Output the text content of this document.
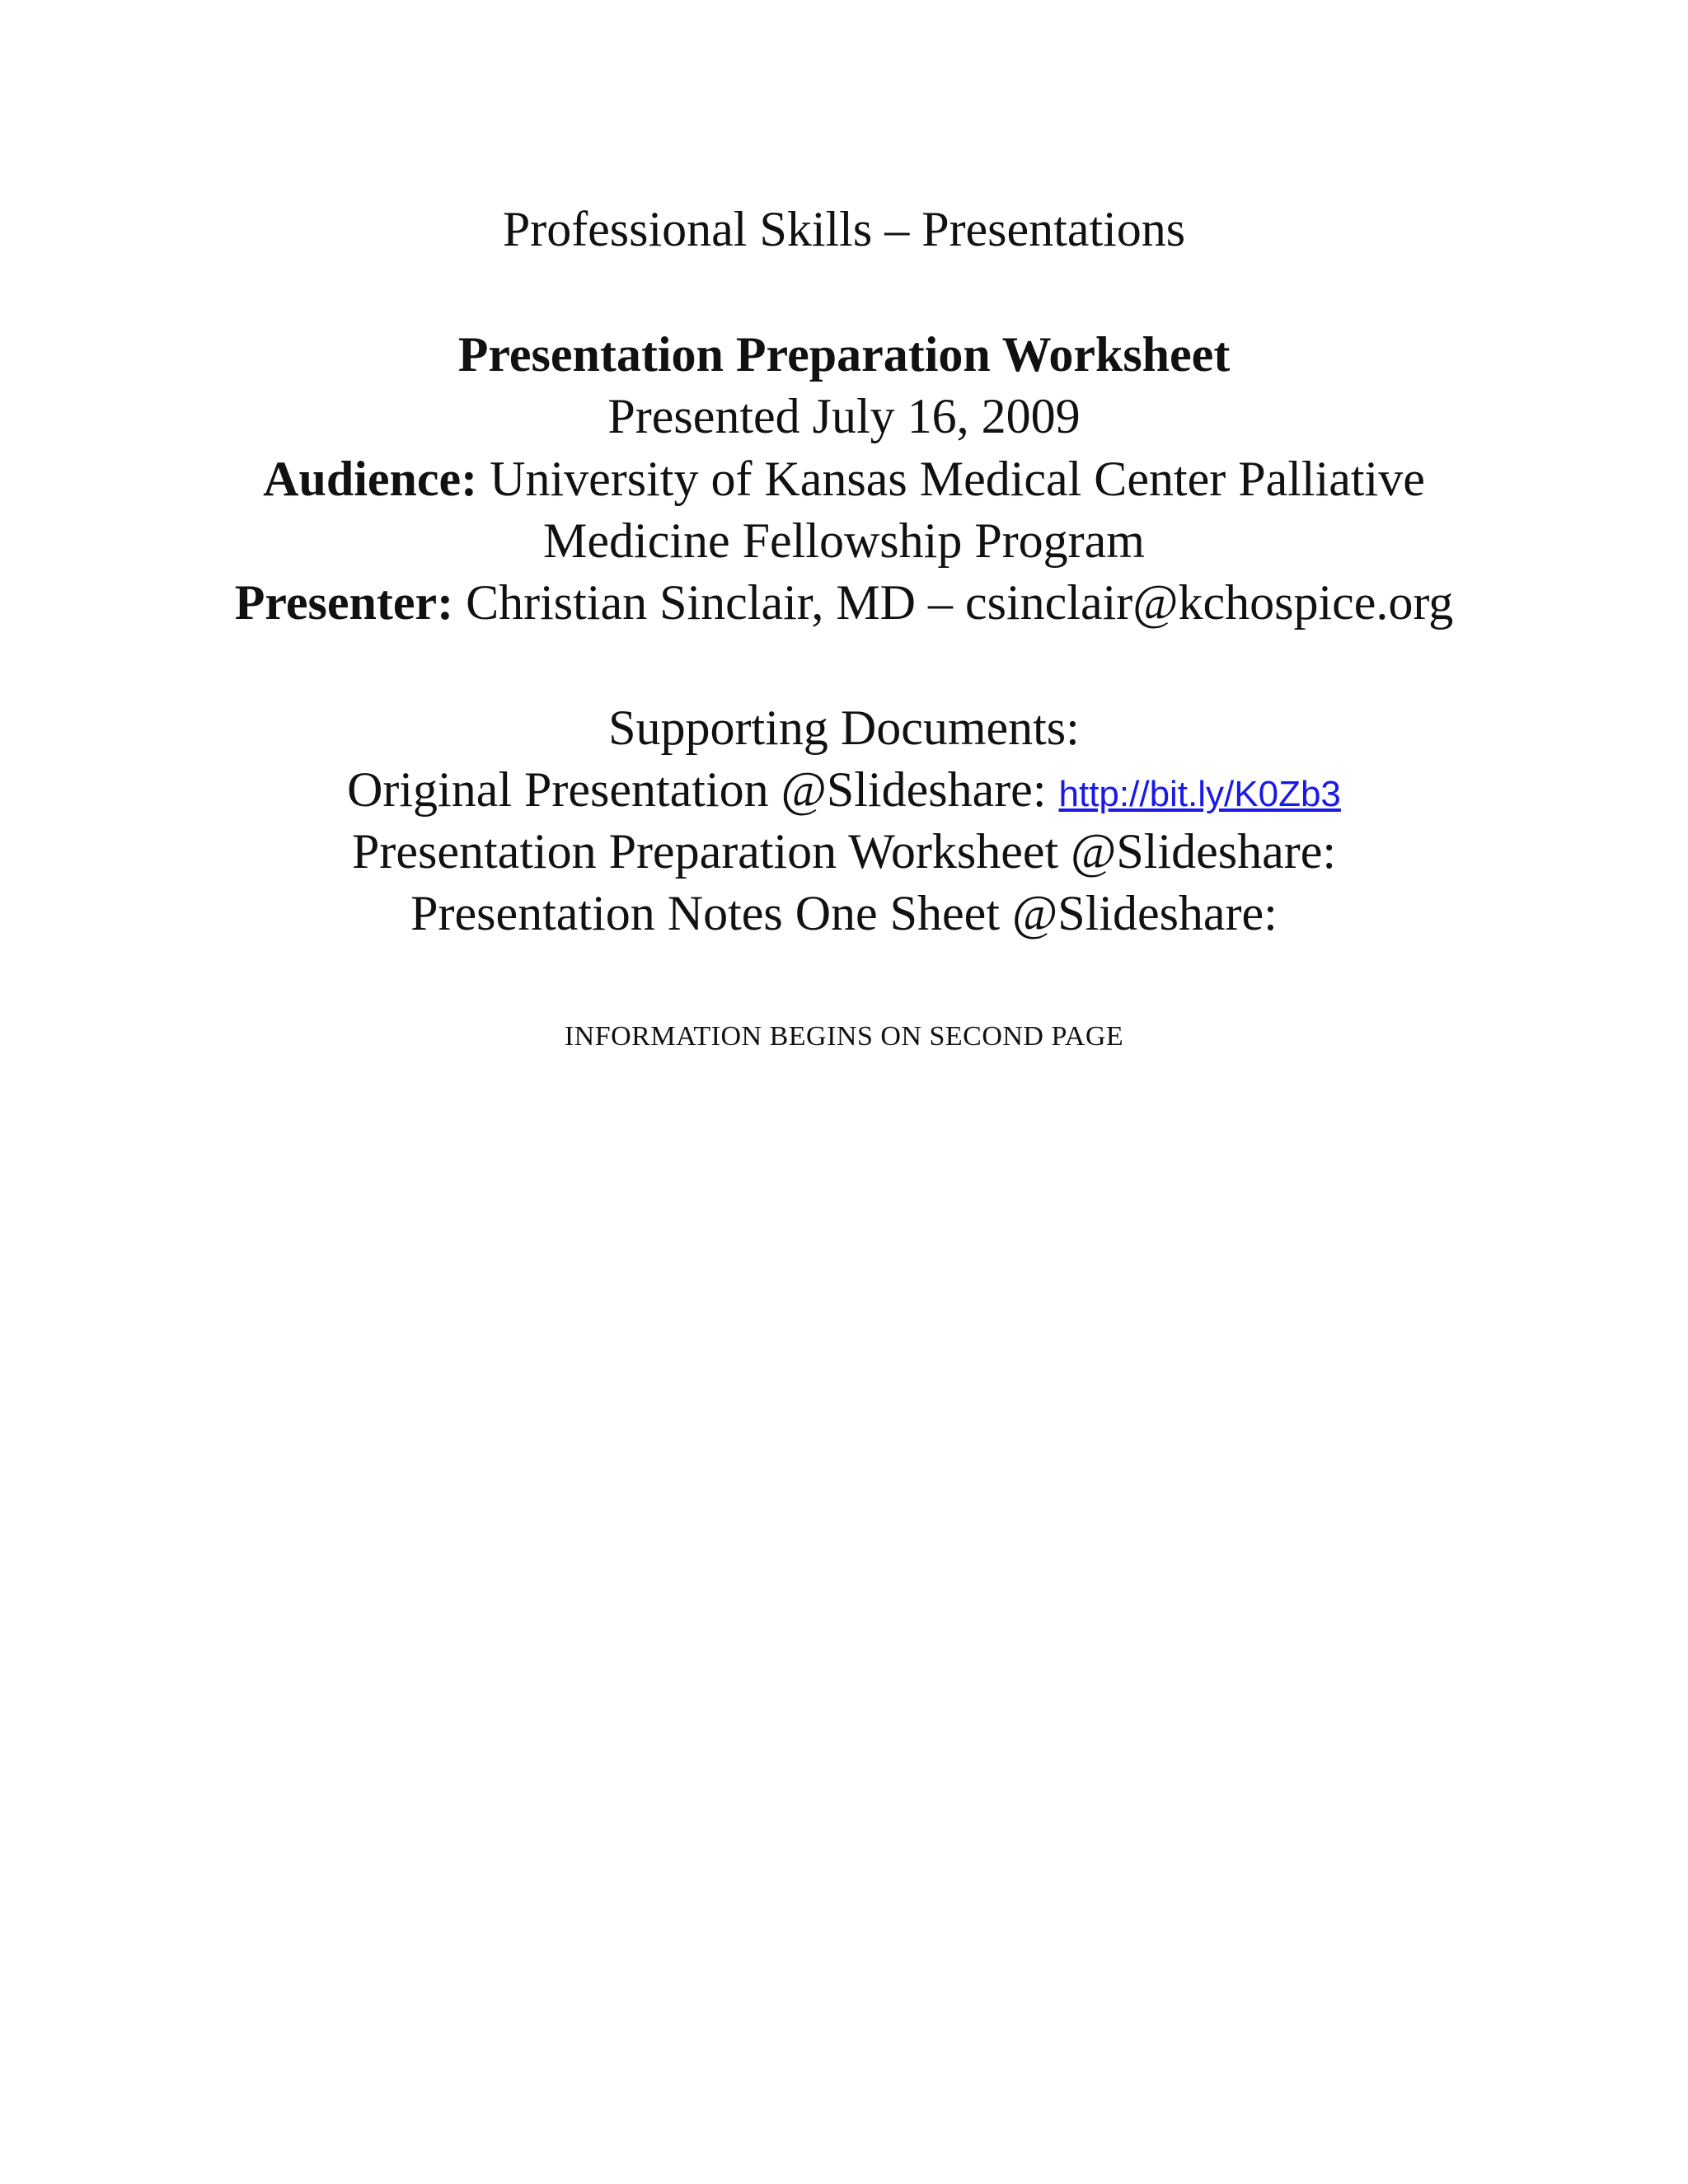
Professional Skills – Presentations
Presentation Preparation Worksheet
Presented July 16, 2009
Audience: University of Kansas Medical Center Palliative
Medicine Fellowship Program
Presenter: Christian Sinclair, MD – csinclair@kchospice.org
Supporting Documents:
Original Presentation @Slideshare: http://bit.ly/K0Zb3
Presentation Preparation Worksheet @Slideshare:
Presentation Notes One Sheet @Slideshare:
INFORMATION BEGINS ON SECOND PAGE
